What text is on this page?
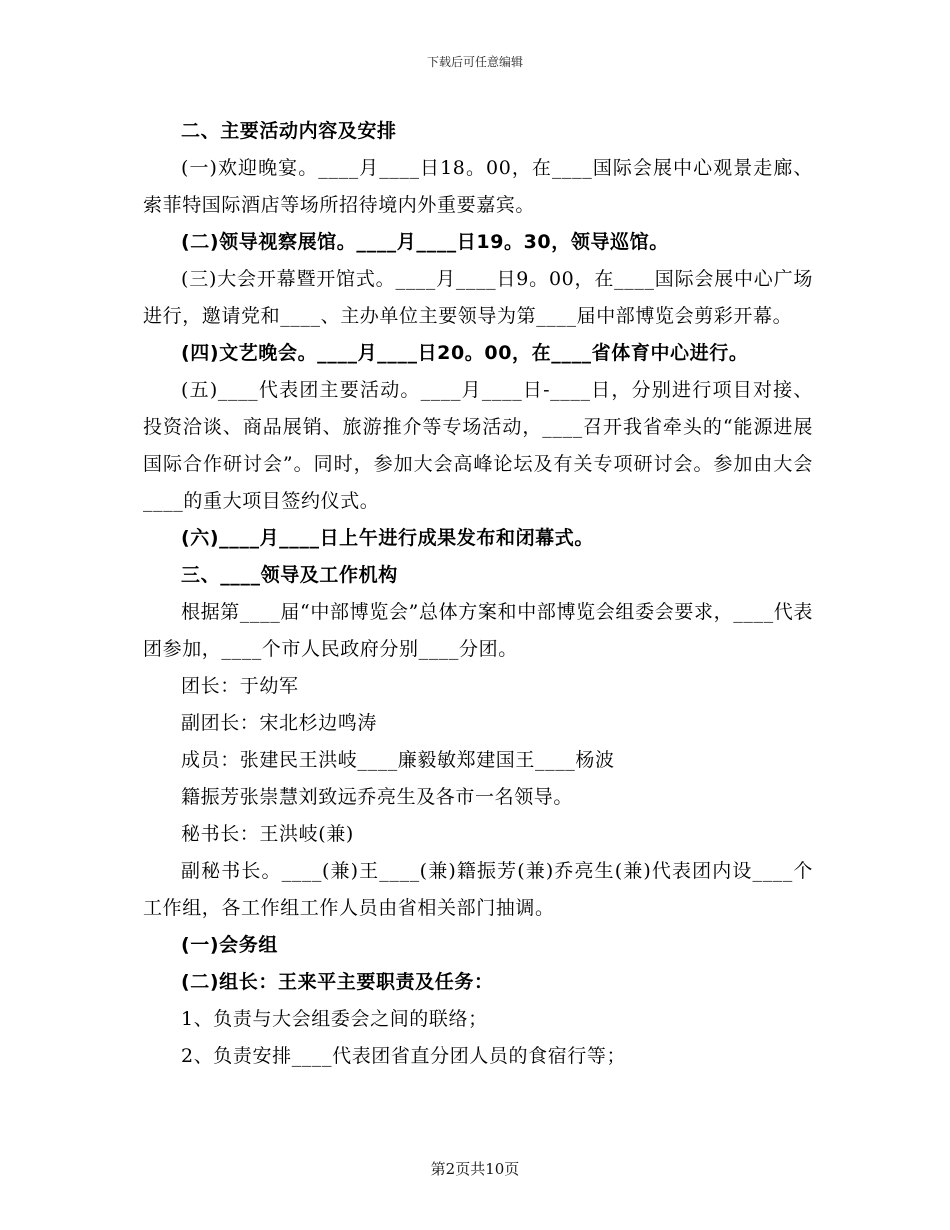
下载后可任意编辑

二、主要活动内容及安排

(一)欢迎晚宴。____月____日18。00，在____国际会展中心观景走廊、索菲特国际酒店等场所招待境内外重要嘉宾。

(二)领导视察展馆。____月____日19。30，领导巡馆。

(三)大会开幕暨开馆式。____月____日9。00，在____国际会展中心广场进行，邀请党和____、主办单位主要领导为第____届中部博览会剪彩开幕。

(四)文艺晚会。____月____日20。00，在____省体育中心进行。

(五)____代表团主要活动。____月____日-____日，分别进行项目对接、投资洽谈、商品展销、旅游推介等专场活动，____召开我省牵头的“能源进展国际合作研讨会”。同时，参加大会高峰论坛及有关专项研讨会。参加由大会____的重大项目签约仪式。

(六)____月____日上午进行成果发布和闭幕式。

三、____领导及工作机构

根据第____届“中部博览会”总体方案和中部博览会组委会要求，____代表团参加，____个市人民政府分别____分团。

团长：于幼军

副团长：宋北杉边鸣涛

成员：张建民王洪岐____廉毅敏郑建国王____杨波

籍振芳张崇慧刘致远乔亮生及各市一名领导。

秘书长：王洪岐(兼)

副秘书长。____(兼)王____(兼)籍振芳(兼)乔亮生(兼)代表团内设____个工作组，各工作组工作人员由省相关部门抽调。

(一)会务组

(二)组长：王来平主要职责及任务：

1、负责与大会组委会之间的联络；

2、负责安排____代表团省直分团人员的食宿行等；

第2页共10页
